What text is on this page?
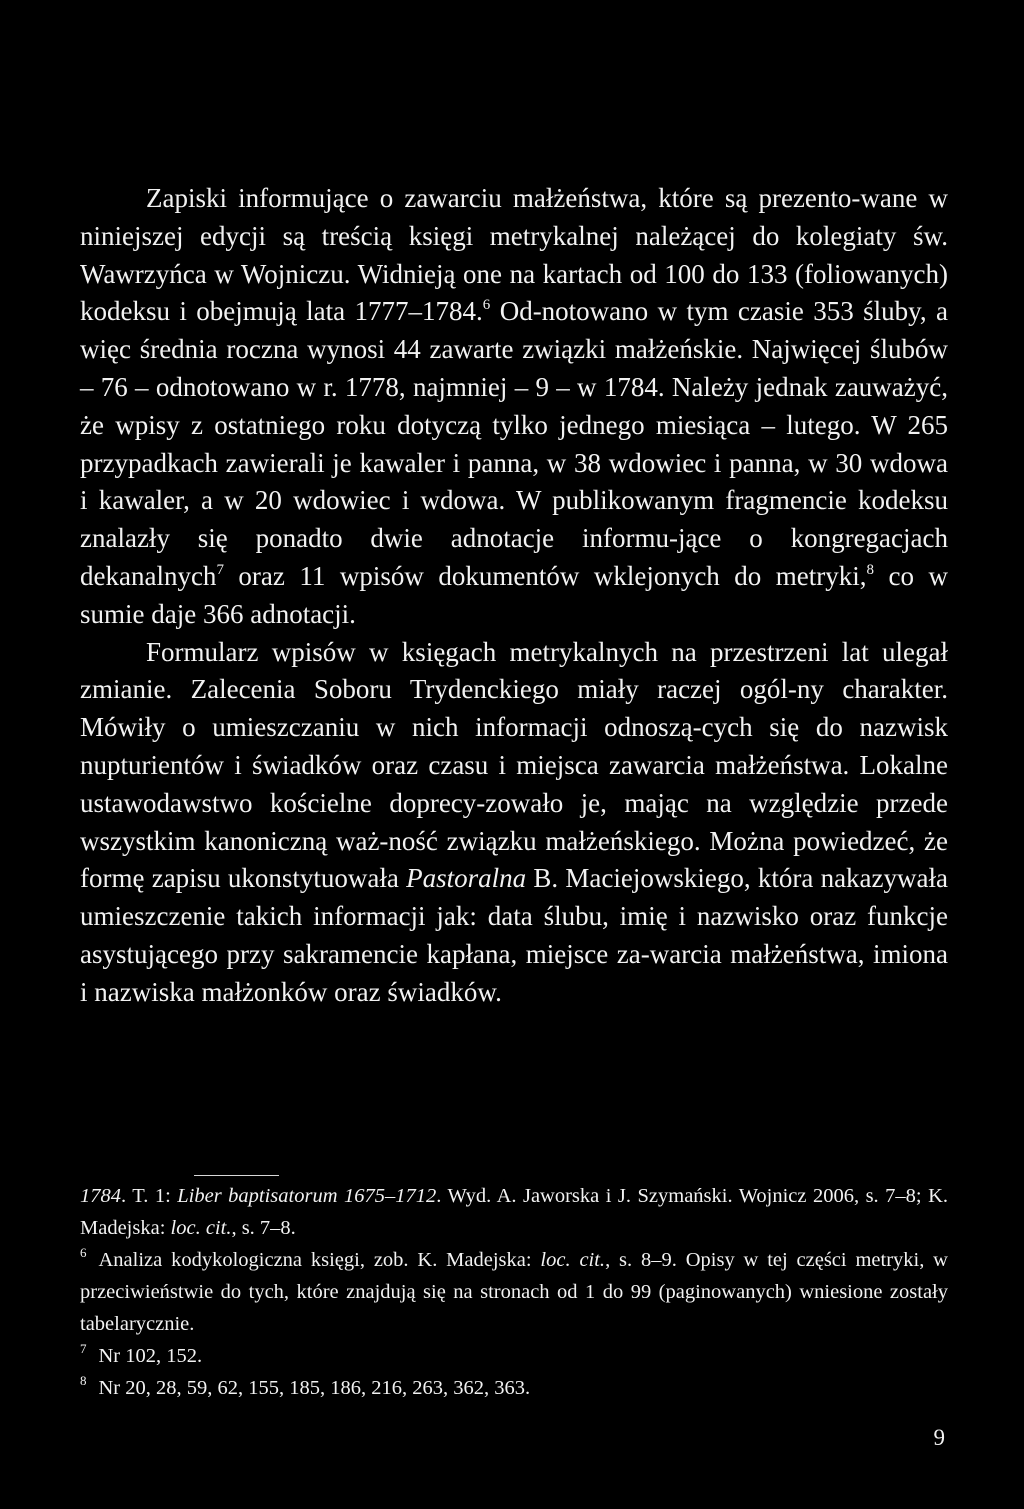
Zapiski informujące o zawarciu małżeństwa, które są prezento-wane w niniejszej edycji są treścią księgi metrykalnej należącej do kolegiaty św. Wawrzyńca w Wojniczu. Widnieją one na kartach od 100 do 133 (foliowanych) kodeksu i obejmują lata 1777–1784.$^6$ Od-notowano w tym czasie 353 śluby, a więc średnia roczna wynosi 44 zawarte związki małżeńskie. Najwięcej ślubów – 76 – odnotowano w r. 1778, najmniej – 9 – w 1784. Należy jednak zauważyć, że wpisy z ostatniego roku dotyczą tylko jednego miesiąca – lutego. W 265 przypadkach zawierali je kawaler i panna, w 38 wdowiec i panna, w 30 wdowa i kawaler, a w 20 wdowiec i wdowa. W publikowanym fragmencie kodeksu znalazły się ponadto dwie adnotacje informu-jące o kongregacjach dekanalnych$^7$ oraz 11 wpisów dokumentów wklejonych do metryki,$^8$ co w sumie daje 366 adnotacji.

Formularz wpisów w księgach metrykalnych na przestrzeni lat ulegał zmianie. Zalecenia Soboru Trydenckiego miały raczej ogól-ny charakter. Mówiły o umieszczaniu w nich informacji odnoszą-cych się do nazwisk nupturientów i świadków oraz czasu i miejsca zawarcia małżeństwa. Lokalne ustawodawstwo kościelne doprecy-zowało je, mając na względzie przede wszystkim kanoniczną waż-ność związku małżeńskiego. Można powiedzeć, że formę zapisu ukonstytuowała Pastoralna B. Maciejowskiego, która nakazywała umieszczenie takich informacji jak: data ślubu, imię i nazwisko oraz funkcje asystującego przy sakramencie kapłana, miejsce za-warcia małżeństwa, imiona i nazwiska małżonków oraz świadków.

1784. T. 1: Liber baptisatorum 1675–1712. Wyd. A. Jaworska i J. Szymański. Wojnicz 2006, s. 7–8; K. Madejska: loc. cit., s. 7–8.

$^6$ Analiza kodykologiczna księgi, zob. K. Madejska: loc. cit., s. 8–9. Opisy w tej części metryki, w przeciwieństwie do tych, które znajdują się na stronach od 1 do 99 (paginowanych) wniesione zostały tabelarycznie.

$^7$ Nr 102, 152.

$^8$ Nr 20, 28, 59, 62, 155, 185, 186, 216, 263, 362, 363.

9
